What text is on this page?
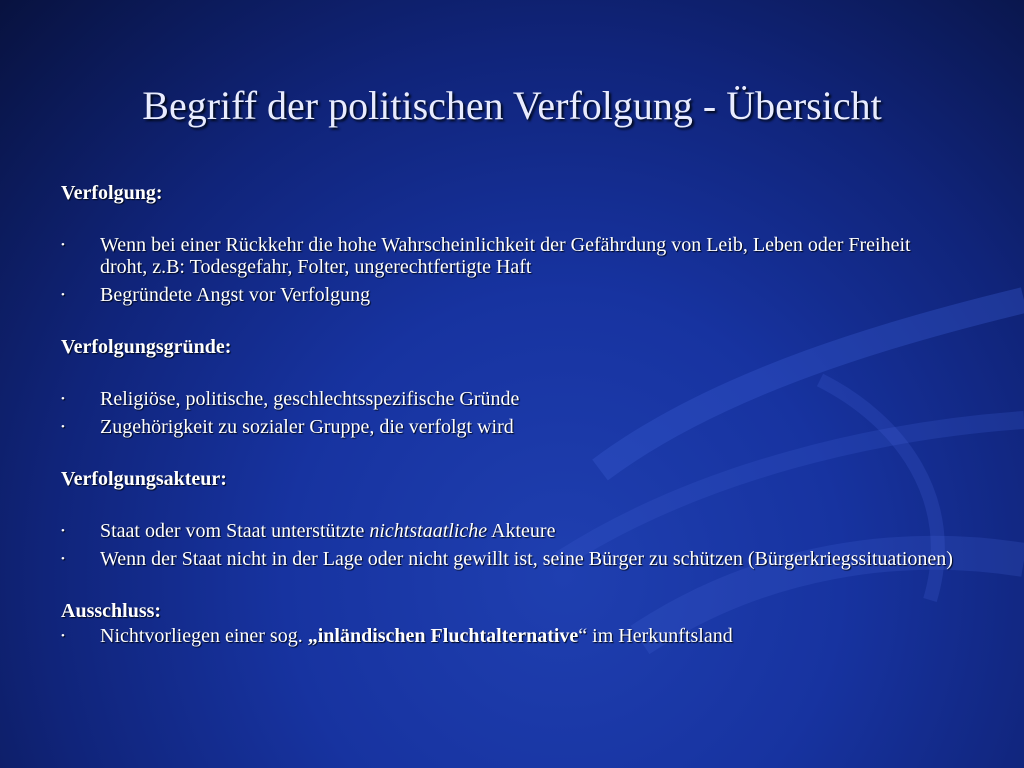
Begriff der politischen Verfolgung - Übersicht

Verfolgung:

• Wenn bei einer Rückkehr die hohe Wahrscheinlichkeit der Gefährdung von Leib, Leben oder Freiheit droht, z.B: Todesgefahr, Folter, ungerechtfertigte Haft
• Begründete Angst vor Verfolgung

Verfolgungsgründe:

• Religiöse, politische, geschlechtsspezifische Gründe
• Zugehörigkeit zu sozialer Gruppe, die verfolgt wird

Verfolgungsakteur:

• Staat oder vom Staat unterstützte nichtstaatliche Akteure
• Wenn der Staat nicht in der Lage oder nicht gewillt ist, seine Bürger zu schützen (Bürgerkriegssituationen)

Ausschluss:

• Nichtvorliegen einer sog. „inländischen Fluchtalternative“ im Herkunftsland
